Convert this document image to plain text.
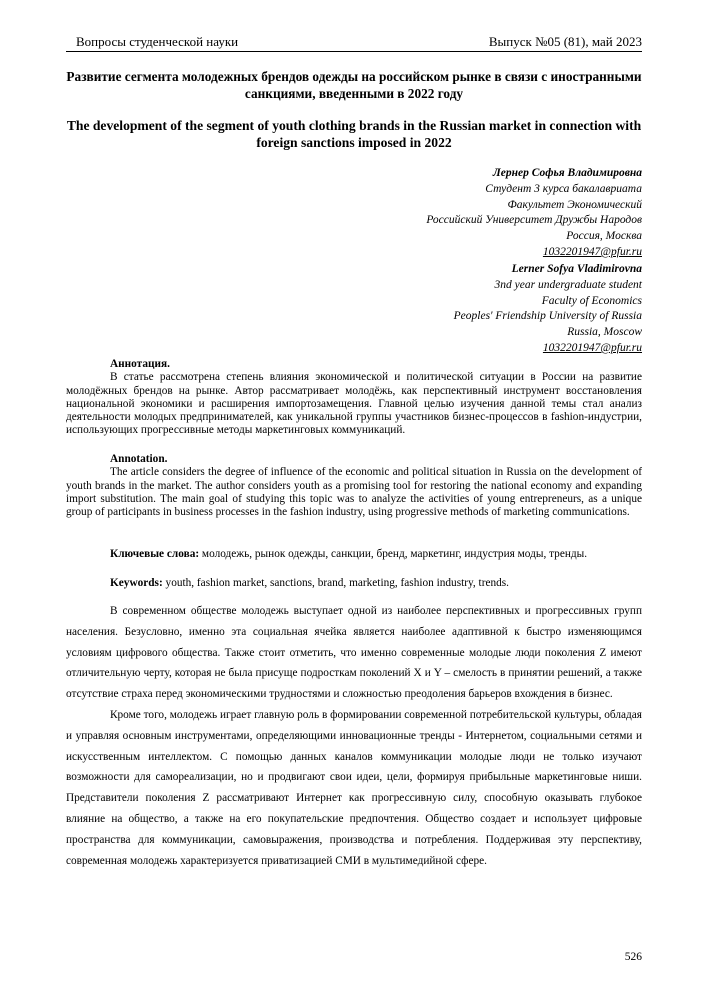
Вопросы студенческой науки	Выпуск №05 (81), май 2023
Развитие сегмента молодежных брендов одежды на российском рынке в связи с иностранными санкциями, введенными в 2022 году
The development of the segment of youth clothing brands in the Russian market in connection with foreign sanctions imposed in 2022
Лернер Софья Владимировна
Студент 3 курса бакалавриата
Факультет Экономический
Российский Университет Дружбы Народов
Россия, Москва
1032201947@pfur.ru
Lerner Sofya Vladimirovna
3nd year undergraduate student
Faculty of Economics
Peoples' Friendship University of Russia
Russia, Moscow
1032201947@pfur.ru
Аннотация.
В статье рассмотрена степень влияния экономической и политической ситуации в России на развитие молодёжных брендов на рынке. Автор рассматривает молодёжь, как перспективный инструмент восстановления национальной экономики и расширения импортозамещения. Главной целью изучения данной темы стал анализ деятельности молодых предпринимателей, как уникальной группы участников бизнес-процессов в fashion-индустрии, использующих прогрессивные методы маркетинговых коммуникаций.
Annotation.
The article considers the degree of influence of the economic and political situation in Russia on the development of youth brands in the market. The author considers youth as a promising tool for restoring the national economy and expanding import substitution. The main goal of studying this topic was to analyze the activities of young entrepreneurs, as a unique group of participants in business processes in the fashion industry, using progressive methods of marketing communications.
Ключевые слова: молодежь, рынок одежды, санкции, бренд, маркетинг, индустрия моды, тренды.
Keywords: youth, fashion market, sanctions, brand, marketing, fashion industry, trends.

В современном обществе молодежь выступает одной из наиболее перспективных и прогрессивных групп населения. Безусловно, именно эта социальная ячейка является наиболее адаптивной к быстро изменяющимся условиям цифрового общества. Также стоит отметить, что именно современные молодые люди поколения Z имеют отличительную черту, которая не была присуще подросткам поколений X и Y – смелость в принятии решений, а также отсутствие страха перед экономическими трудностями и сложностью преодоления барьеров вхождения в бизнес.

Кроме того, молодежь играет главную роль в формировании современной потребительской культуры, обладая и управляя основным инструментами, определяющими инновационные тренды - Интернетом, социальными сетями и искусственным интеллектом. С помощью данных каналов коммуникации молодые люди не только изучают возможности для самореализации, но и продвигают свои идеи, цели, формируя прибыльные маркетинговые ниши. Представители поколения Z рассматривают Интернет как прогрессивную силу, способную оказывать глубокое влияние на общество, а также на его покупательские предпочтения. Общество создает и использует цифровые пространства для коммуникации, самовыражения, производства и потребления. Поддерживая эту перспективу, современная молодежь характеризуется приватизацией СМИ в мультимедийной сфере.

526
